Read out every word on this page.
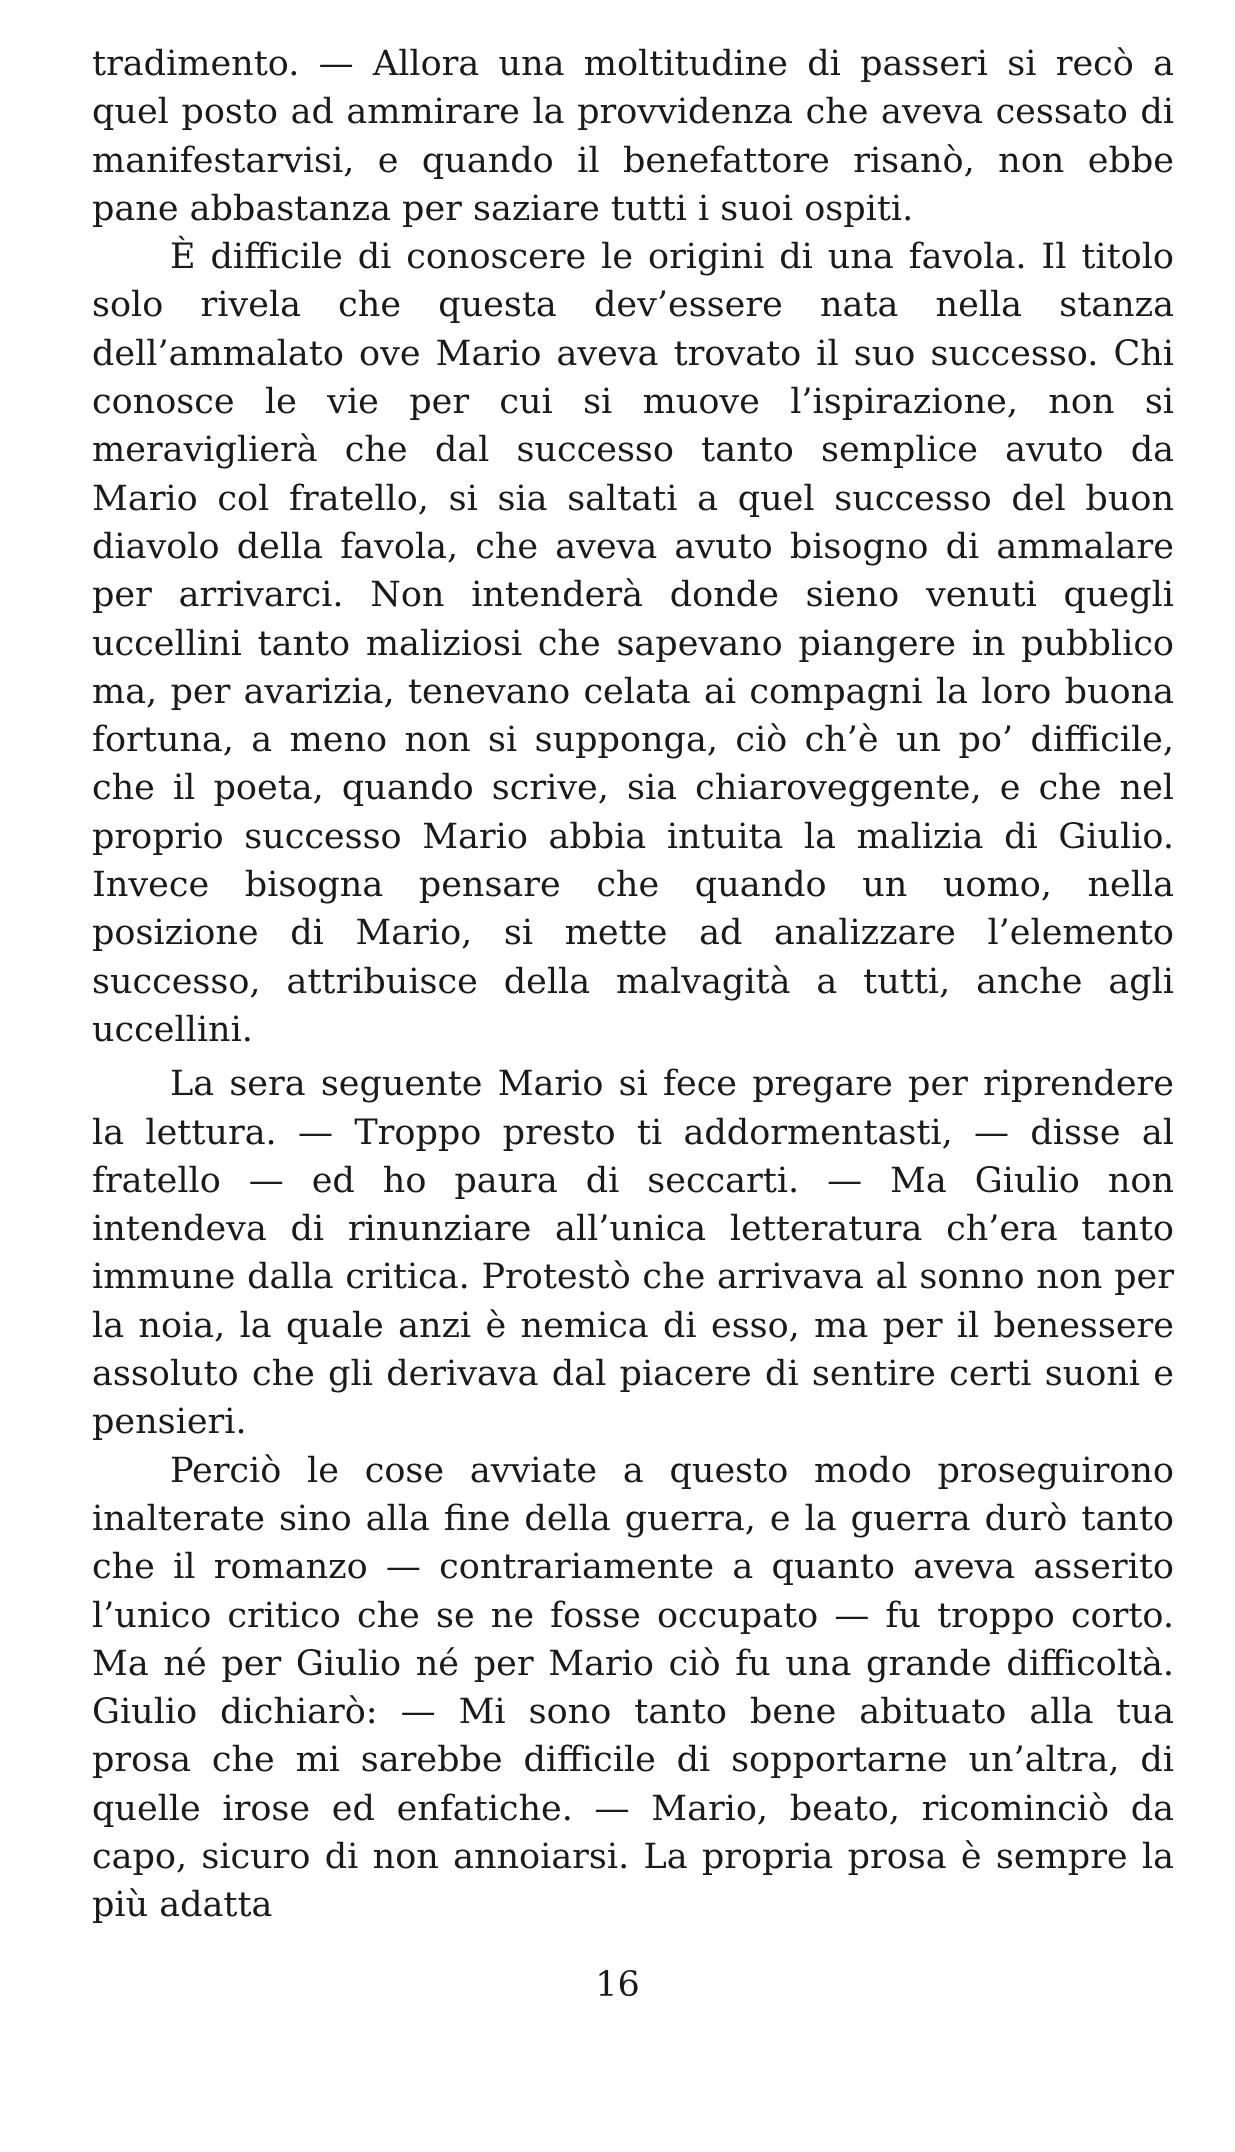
tradimento. — Allora una moltitudine di passeri si recò a quel posto ad ammirare la provvidenza che aveva cessato di manifestarvisi, e quando il benefattore risanò, non ebbe pane abbastanza per saziare tutti i suoi ospiti.

È difficile di conoscere le origini di una favola. Il titolo solo rivela che questa dev’essere nata nella stanza dell’ammalato ove Mario aveva trovato il suo successo. Chi conosce le vie per cui si muove l’ispirazione, non si meraviglierà che dal successo tanto semplice avuto da Mario col fratello, si sia saltati a quel successo del buon diavolo della favola, che aveva avuto bisogno di ammalare per arrivarci. Non intenderà donde sieno venuti quegli uccellini tanto maliziosi che sapevano piangere in pubblico ma, per avarizia, tenevano celata ai compagni la loro buona fortuna, a meno non si supponga, ciò ch’è un po’ difficile, che il poeta, quando scrive, sia chiaroveggente, e che nel proprio successo Mario abbia intuita la malizia di Giulio. Invece bisogna pensare che quando un uomo, nella posizione di Mario, si mette ad analizzare l’elemento successo, attribuisce della malvagità a tutti, anche agli uccellini.

La sera seguente Mario si fece pregare per riprendere la lettura. — Troppo presto ti addormentasti, — disse al fratello — ed ho paura di seccarti. — Ma Giulio non intendeva di rinunziare all’unica letteratura ch’era tanto immune dalla critica. Protestò che arrivava al sonno non per la noia, la quale anzi è nemica di esso, ma per il benessere assoluto che gli derivava dal piacere di sentire certi suoni e pensieri.

Perciò le cose avviate a questo modo proseguirono inalterate sino alla fine della guerra, e la guerra durò tanto che il romanzo — contrariamente a quanto aveva asserito l’unico critico che se ne fosse occupato — fu troppo corto. Ma né per Giulio né per Mario ciò fu una grande difficoltà. Giulio dichiarò: — Mi sono tanto bene abituato alla tua prosa che mi sarebbe difficile di sopportarne un’altra, di quelle irose ed enfatiche. — Mario, beato, ricominciò da capo, sicuro di non annoiarsi. La propria prosa è sempre la più adatta

16
